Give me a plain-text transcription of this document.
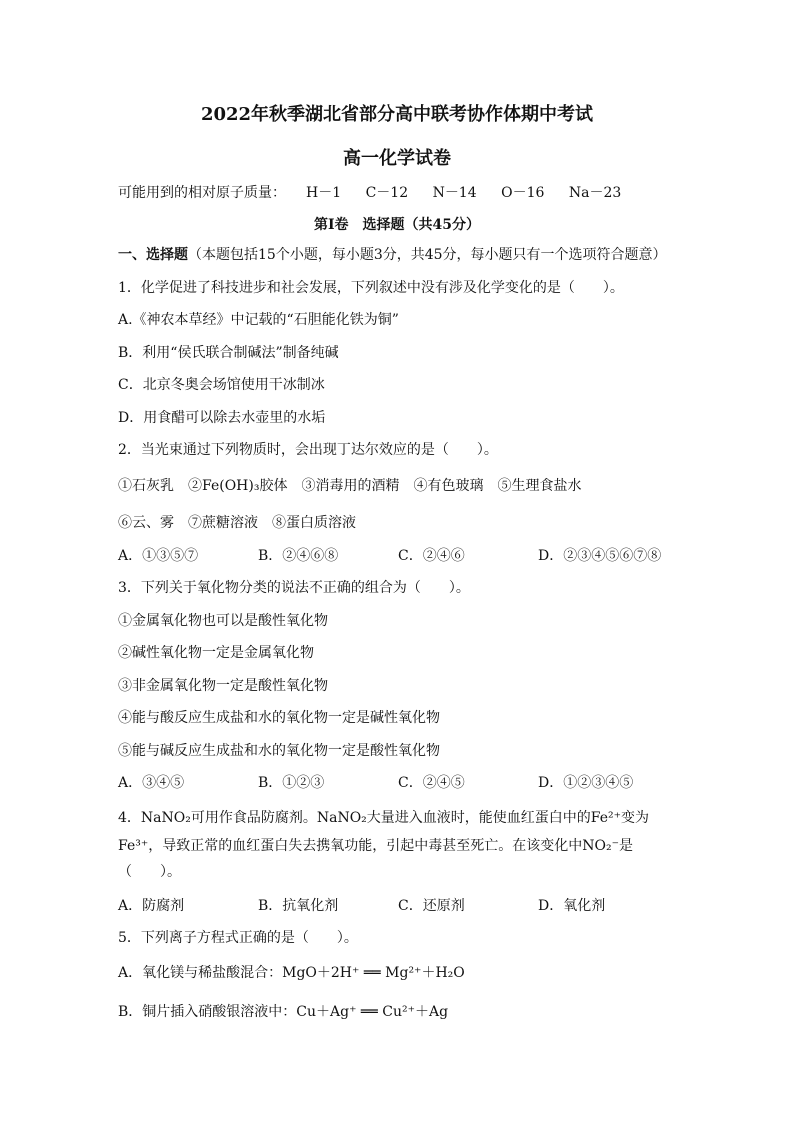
2022年秋季湖北省部分高中联考协作体期中考试
高一化学试卷
可能用到的相对原子质量： H－1 C－12 N－14 O－16 Na－23
第Ⅰ卷　选择题（共45分）
一、选择题（本题包括15个小题，每小题3分，共45分，每小题只有一个选项符合题意）
1．化学促进了科技进步和社会发展，下列叙述中没有涉及化学变化的是（　　）。
A.《神农本草经》中记载的“石胆能化铁为铜”
B．利用“侯氏联合制碱法”制备纯碱
C．北京冬奥会场馆使用干冰制冰
D．用食醋可以除去水壶里的水垢
2．当光束通过下列物质时，会出现丁达尔效应的是（　　）。
①石灰乳　②Fe(OH)₃胶体　③消毒用的酒精　④有色玻璃　⑤生理食盐水
⑥云、雾　⑦蔗糖溶液　⑧蛋白质溶液
A．①③⑤⑦	B．②④⑥⑧	C．②④⑥	D．②③④⑤⑥⑦⑧
3．下列关于氧化物分类的说法不正确的组合为（　　）。
①金属氧化物也可以是酸性氧化物
②碱性氧化物一定是金属氧化物
③非金属氧化物一定是酸性氧化物
④能与酸反应生成盐和水的氧化物一定是碱性氧化物
⑤能与碱反应生成盐和水的氧化物一定是酸性氧化物
A．③④⑤	B．①②③	C．②④⑤	D．①②③④⑤
4．NaNO₂可用作食品防腐剂。NaNO₂大量进入血液时，能使血红蛋白中的Fe²⁺变为
Fe³⁺，导致正常的血红蛋白失去携氧功能，引起中毒甚至死亡。在该变化中NO₂⁻是
（　　）。
A．防腐剂	B．抗氧化剂	C．还原剂	D．氧化剂
5．下列离子方程式正确的是（　　）。
A．氧化镁与稀盐酸混合：MgO＋2H⁺ ══ Mg²⁺＋H₂O
B．铜片插入硝酸银溶液中：Cu＋Ag⁺ ══ Cu²⁺＋Ag
